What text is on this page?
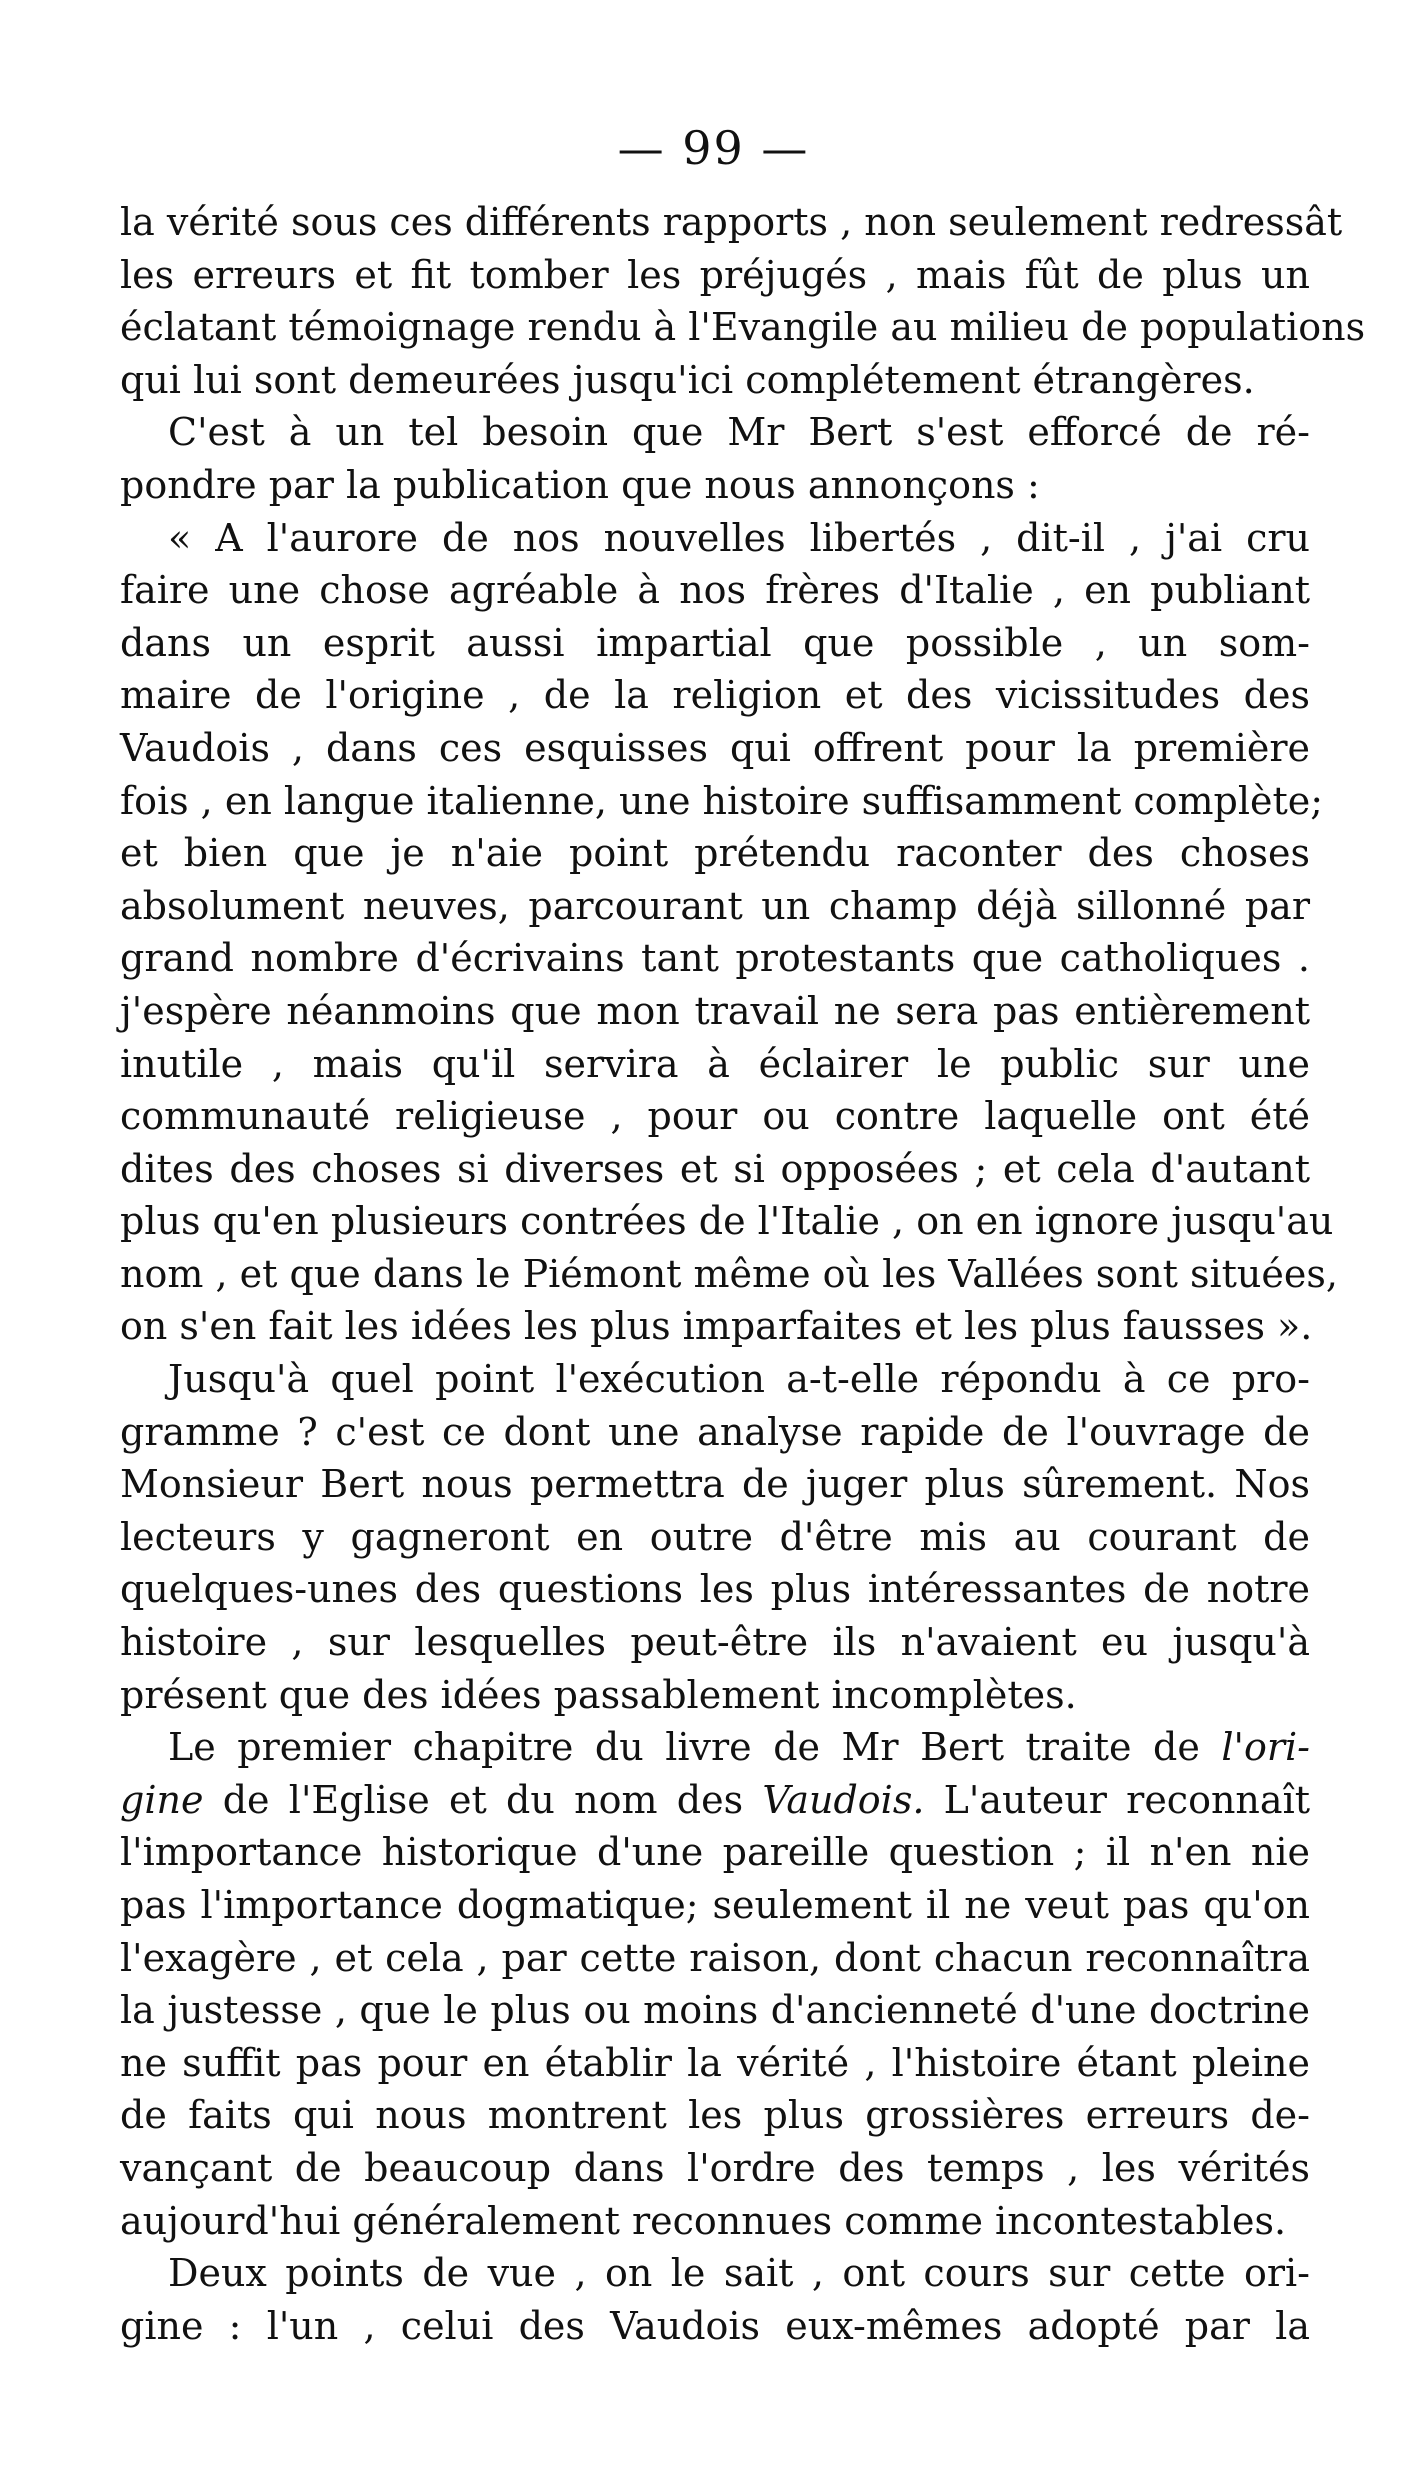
— 99 —
la vérité sous ces différents rapports , non seulement redressât
les erreurs et fit tomber les préjugés , mais fût de plus un
éclatant témoignage rendu à l'Evangile au milieu de populations
qui lui sont demeurées jusqu'ici complétement étrangères.
C'est à un tel besoin que Mr Bert s'est efforcé de ré-
pondre par la publication que nous annonçons :
« A l'aurore de nos nouvelles libertés , dit-il , j'ai cru
faire une chose agréable à nos frères d'Italie , en publiant
dans un esprit aussi impartial que possible , un som-
maire de l'origine , de la religion et des vicissitudes des
Vaudois , dans ces esquisses qui offrent pour la première
fois , en langue italienne, une histoire suffisamment complète;
et bien que je n'aie point prétendu raconter des choses
absolument neuves, parcourant un champ déjà sillonné par
grand nombre d'écrivains tant protestants que catholiques .
j'espère néanmoins que mon travail ne sera pas entièrement
inutile , mais qu'il servira à éclairer le public sur une
communauté religieuse , pour ou contre laquelle ont été
dites des choses si diverses et si opposées ; et cela d'autant
plus qu'en plusieurs contrées de l'Italie , on en ignore jusqu'au
nom , et que dans le Piémont même où les Vallées sont situées,
on s'en fait les idées les plus imparfaites et les plus fausses ».
Jusqu'à quel point l'exécution a-t-elle répondu à ce pro-
gramme ? c'est ce dont une analyse rapide de l'ouvrage de
Monsieur Bert nous permettra de juger plus sûrement. Nos
lecteurs y gagneront en outre d'être mis au courant de
quelques-unes des questions les plus intéressantes de notre
histoire , sur lesquelles peut-être ils n'avaient eu jusqu'à
présent que des idées passablement incomplètes.
Le premier chapitre du livre de Mr Bert traite de l'ori-
gine de l'Eglise et du nom des Vaudois. L'auteur reconnaît
l'importance historique d'une pareille question ; il n'en nie
pas l'importance dogmatique; seulement il ne veut pas qu'on
l'exagère , et cela , par cette raison, dont chacun reconnaîtra
la justesse , que le plus ou moins d'ancienneté d'une doctrine
ne suffit pas pour en établir la vérité , l'histoire étant pleine
de faits qui nous montrent les plus grossières erreurs de-
vançant de beaucoup dans l'ordre des temps , les vérités
aujourd'hui généralement reconnues comme incontestables.
Deux points de vue , on le sait , ont cours sur cette ori-
gine : l'un , celui des Vaudois eux-mêmes adopté par la
